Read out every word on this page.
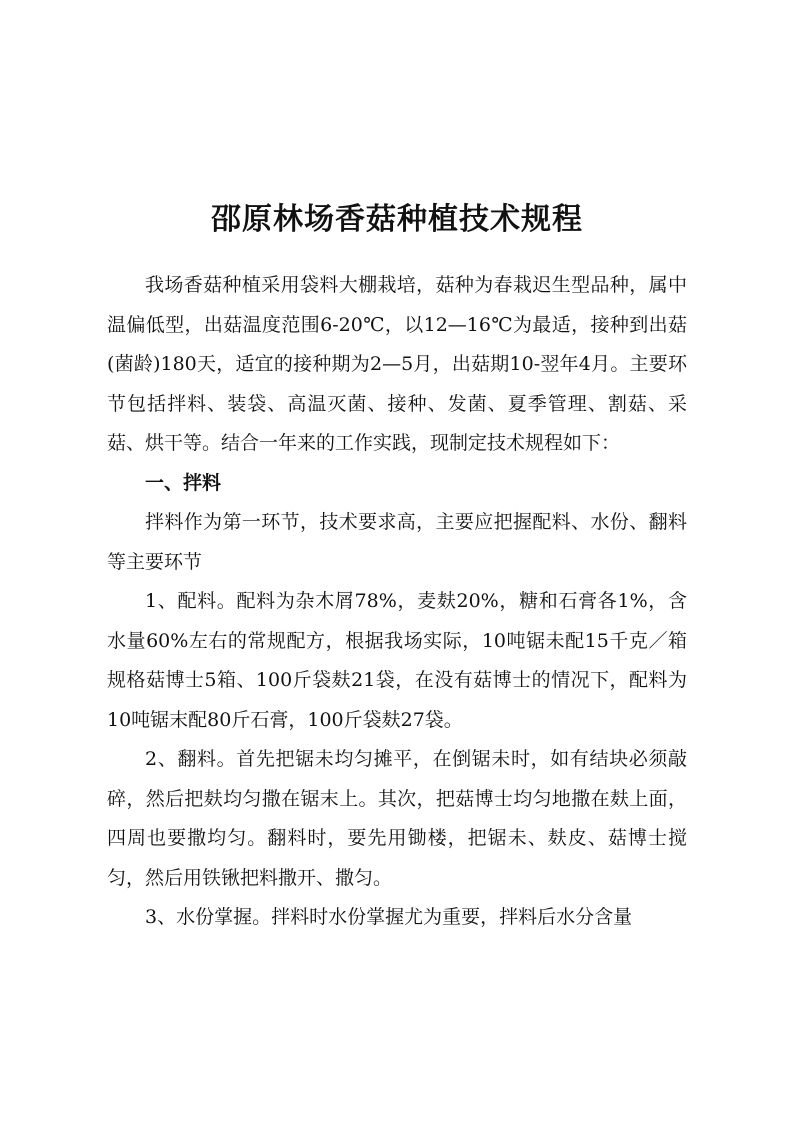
邵原林场香菇种植技术规程

我场香菇种植采用袋料大棚栽培，菇种为春栽迟生型品种，属中温偏低型，出菇温度范围6-20℃，以12—16℃为最适，接种到出菇(菌龄)180天，适宜的接种期为2—5月，出菇期10-翌年4月。主要环节包括拌料、装袋、高温灭菌、接种、发菌、夏季管理、割菇、采菇、烘干等。结合一年来的工作实践，现制定技术规程如下：

一、拌料

拌料作为第一环节，技术要求高，主要应把握配料、水份、翻料等主要环节

1、配料。配料为杂木屑78%，麦麸20%，糖和石膏各1%，含水量60%左右的常规配方，根据我场实际，10吨锯未配15千克／箱规格菇博士5箱、100斤袋麸21袋，在没有菇博士的情况下，配料为10吨锯末配80斤石膏，100斤袋麸27袋。

2、翻料。首先把锯未均匀摊平，在倒锯未时，如有结块必须敲碎，然后把麸均匀撒在锯末上。其次，把菇博士均匀地撒在麸上面，四周也要撒均匀。翻料时，要先用锄楼，把锯未、麸皮、菇博士搅匀，然后用铁锹把料撒开、撒匀。

3、水份掌握。拌料时水份掌握尤为重要，拌料后水分含量
